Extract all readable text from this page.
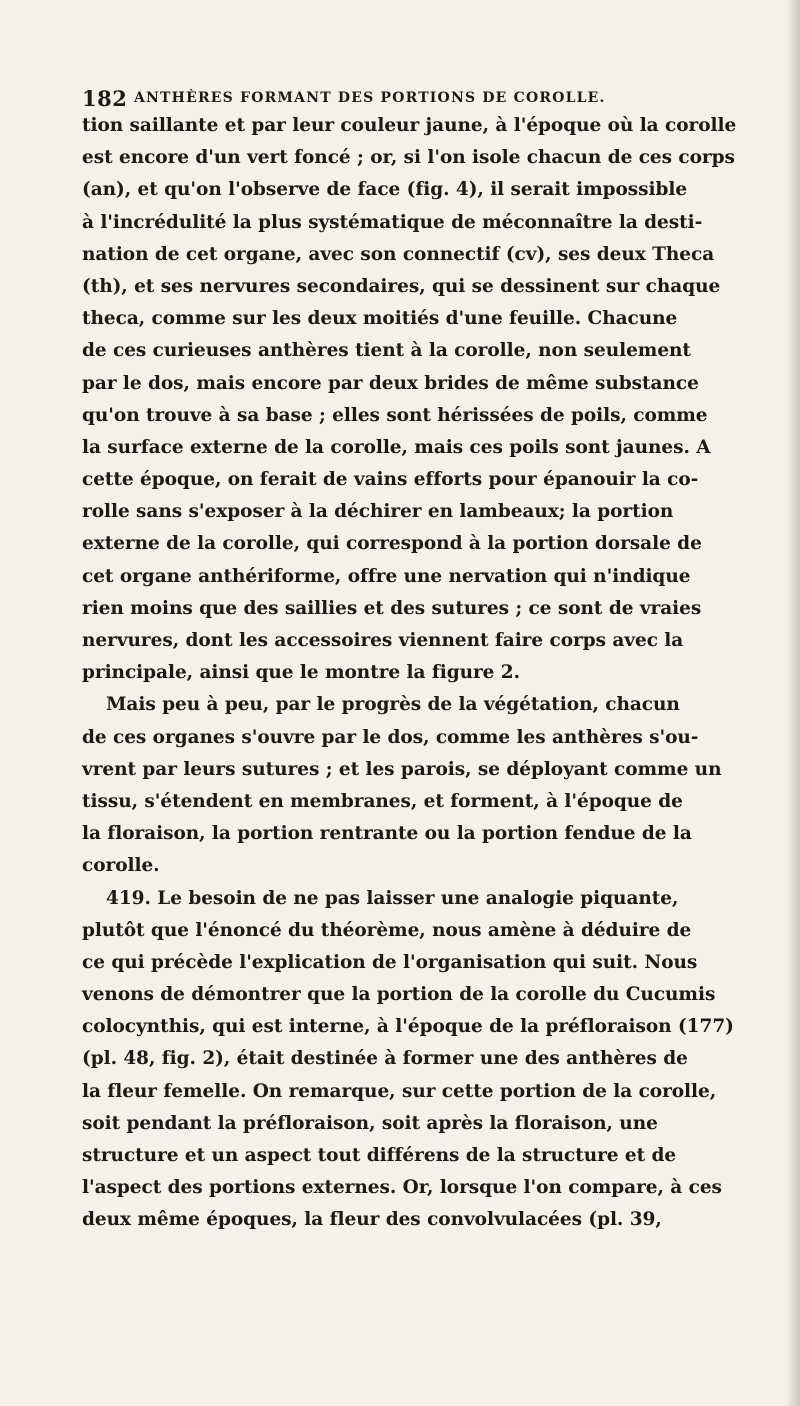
182 ANTHÈRES FORMANT DES PORTIONS DE COROLLE.
tion saillante et par leur couleur jaune, à l'époque où la corolle
est encore d'un vert foncé ; or, si l'on isole chacun de ces corps
(an), et qu'on l'observe de face (fig. 4), il serait impossible
à l'incrédulité la plus systématique de méconnaître la desti-
nation de cet organe, avec son connectif (cv), ses deux Theca
(th), et ses nervures secondaires, qui se dessinent sur chaque
theca, comme sur les deux moitiés d'une feuille. Chacune
de ces curieuses anthères tient à la corolle, non seulement
par le dos, mais encore par deux brides de même substance
qu'on trouve à sa base ; elles sont hérissées de poils, comme
la surface externe de la corolle, mais ces poils sont jaunes. A
cette époque, on ferait de vains efforts pour épanouir la co-
rolle sans s'exposer à la déchirer en lambeaux; la portion
externe de la corolle, qui correspond à la portion dorsale de
cet organe anthériforme, offre une nervation qui n'indique
rien moins que des saillies et des sutures ; ce sont de vraies
nervures, dont les accessoires viennent faire corps avec la
principale, ainsi que le montre la figure 2.
Mais peu à peu, par le progrès de la végétation, chacun
de ces organes s'ouvre par le dos, comme les anthères s'ou-
vrent par leurs sutures ; et les parois, se déployant comme un
tissu, s'étendent en membranes, et forment, à l'époque de
la floraison, la portion rentrante ou la portion fendue de la
corolle.
419. Le besoin de ne pas laisser une analogie piquante,
plutôt que l'énoncé du théorème, nous amène à déduire de
ce qui précède l'explication de l'organisation qui suit. Nous
venons de démontrer que la portion de la corolle du Cucumis
colocynthis, qui est interne, à l'époque de la préfloraison (177)
(pl. 48, fig. 2), était destinée à former une des anthères de
la fleur femelle. On remarque, sur cette portion de la corolle,
soit pendant la préfloraison, soit après la floraison, une
structure et un aspect tout différens de la structure et de
l'aspect des portions externes. Or, lorsque l'on compare, à ces
deux même époques, la fleur des convolvulacées (pl. 39,
